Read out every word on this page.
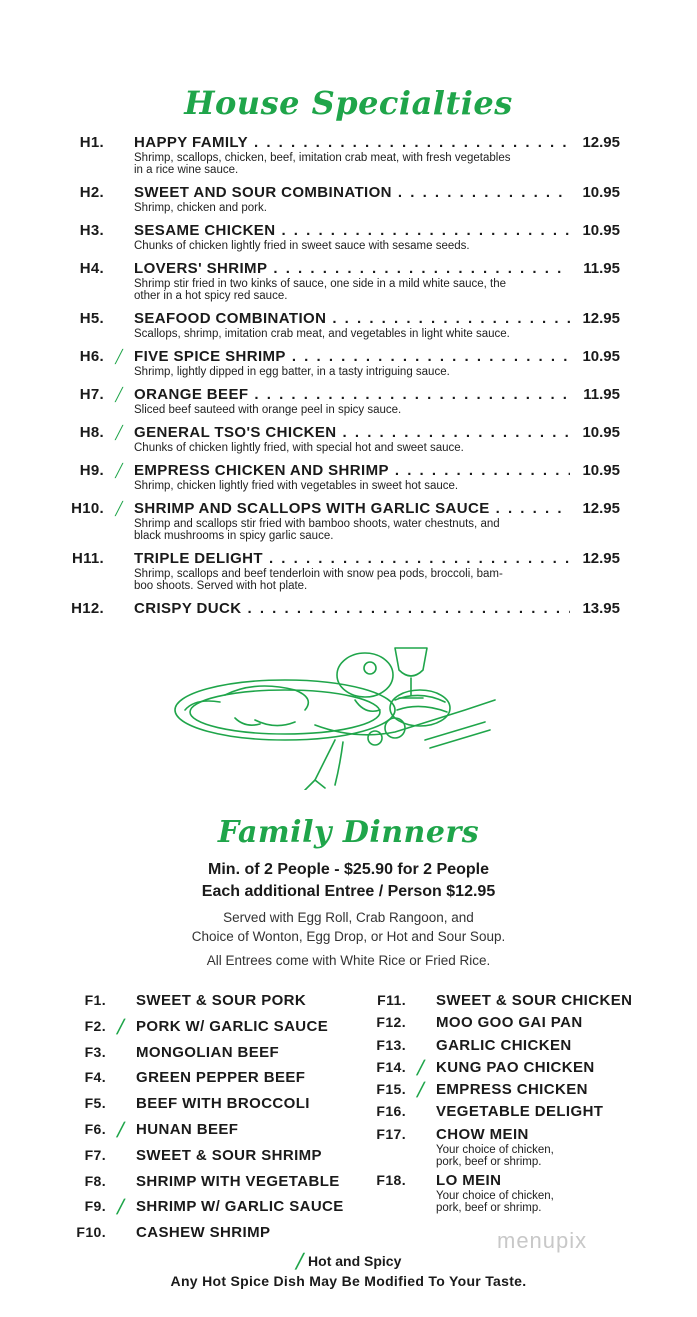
House Specialties
H1. HAPPY FAMILY . . .	12.95
Shrimp, scallops, chicken, beef, imitation crab meat, with fresh vegetables
in a rice wine sauce.
H2. SWEET AND SOUR COMBINATION . . .	10.95
Shrimp, chicken and pork.
H3. SESAME CHICKEN . . .	10.95
Chunks of chicken lightly fried in sweet sauce with sesame seeds.
H4. LOVERS' SHRIMP . . .	11.95
Shrimp stir fried in two kinks of sauce, one side in a mild white sauce, the
other in a hot spicy red sauce.
H5. SEAFOOD COMBINATION . . .	12.95
Scallops, shrimp, imitation crab meat, and vegetables in light white sauce.
H6. ╱ FIVE SPICE SHRIMP . . .	10.95
Shrimp, lightly dipped in egg batter, in a tasty intriguing sauce.
H7. ╱ ORANGE BEEF . . .	11.95
Sliced beef sauteed with orange peel in spicy sauce.
H8. ╱ GENERAL TSO'S CHICKEN . . .	10.95
Chunks of chicken lightly fried, with special hot and sweet sauce.
H9. ╱ EMPRESS CHICKEN AND SHRIMP . . .	10.95
Shrimp, chicken lightly fried with vegetables in sweet hot sauce.
H10. ╱ SHRIMP AND SCALLOPS WITH GARLIC SAUCE . . .	12.95
Shrimp and scallops stir fried with bamboo shoots, water chestnuts, and
black mushrooms in spicy garlic sauce.
H11. TRIPLE DELIGHT . . .	12.95
Shrimp, scallops and beef tenderloin with snow pea pods, broccoli, bam-
boo shoots. Served with hot plate.
H12. CRISPY DUCK . . .	13.95
Family Dinners
Min. of 2 People - $25.90 for 2 People
Each additional Entree / Person $12.95
Served with Egg Roll, Crab Rangoon, and
Choice of Wonton, Egg Drop, or Hot and Sour Soup.
All Entrees come with White Rice or Fried Rice.
F1. SWEET & SOUR PORK
F2. ╱ PORK W/ GARLIC SAUCE
F3. MONGOLIAN BEEF
F4. GREEN PEPPER BEEF
F5. BEEF WITH BROCCOLI
F6. ╱ HUNAN BEEF
F7. SWEET & SOUR SHRIMP
F8. SHRIMP WITH VEGETABLE
F9. ╱ SHRIMP W/ GARLIC SAUCE
F10. CASHEW SHRIMP
F11. SWEET & SOUR CHICKEN
F12. MOO GOO GAI PAN
F13. GARLIC CHICKEN
F14. ╱ KUNG PAO CHICKEN
F15. ╱ EMPRESS CHICKEN
F16. VEGETABLE DELIGHT
F17. CHOW MEIN
Your choice of chicken,
pork, beef or shrimp.
F18. LO MEIN
Your choice of chicken,
pork, beef or shrimp.
╱ Hot and Spicy
Any Hot Spice Dish May Be Modified To Your Taste.
menupix
